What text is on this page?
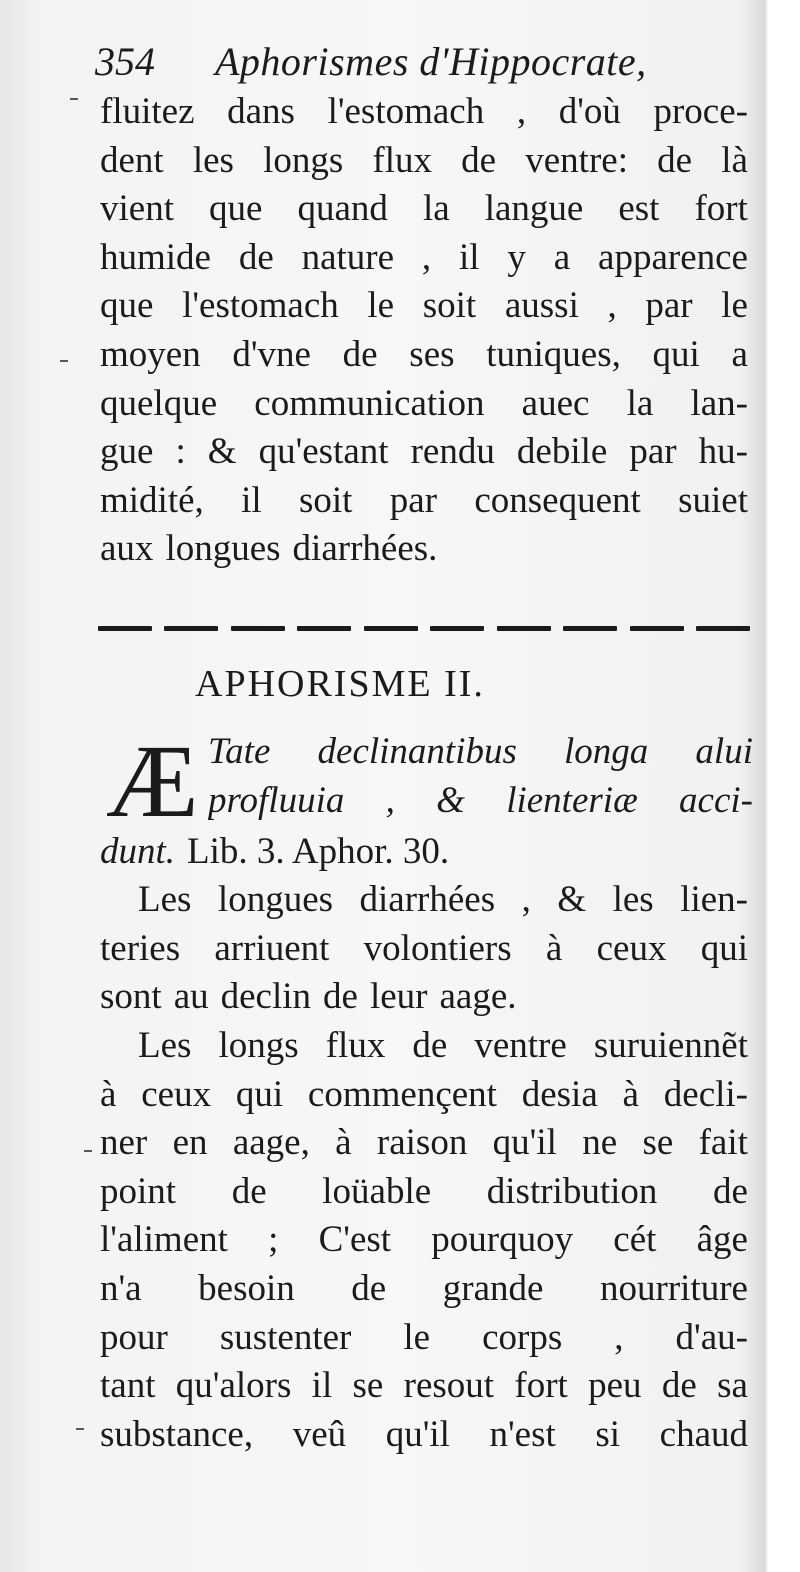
354 Aphorismes d'Hippocrate,
fluitez dans l'estomach , d'où proce-
dent les longs flux de ventre: de là
vient que quand la langue est fort
humide de nature , il y a apparence
que l'estomach le soit aussi , par le
moyen d'vne de ses tuniques, qui a
quelque communication auec la lan-
gue : & qu'estant rendu debile par hu-
midité, il soit par consequent suiet
aux longues diarrhées.
APHORISME II.
Æ Tate declinantibus longa alui
profluuia , & lienteriæ acci-
dunt. Lib. 3. Aphor. 30.
Les longues diarrhées , & les lien-
teries arriuent volontiers à ceux qui
sont au declin de leur aage.
Les longs flux de ventre suruiennẽt
à ceux qui commençent desia à decli-
ner en aage, à raison qu'il ne se fait
point de loüable distribution de
l'aliment ; C'est pourquoy cét âge
n'a besoin de grande nourriture
pour sustenter le corps , d'au-
tant qu'alors il se resout fort peu de sa
substance, veû qu'il n'est si chaud
